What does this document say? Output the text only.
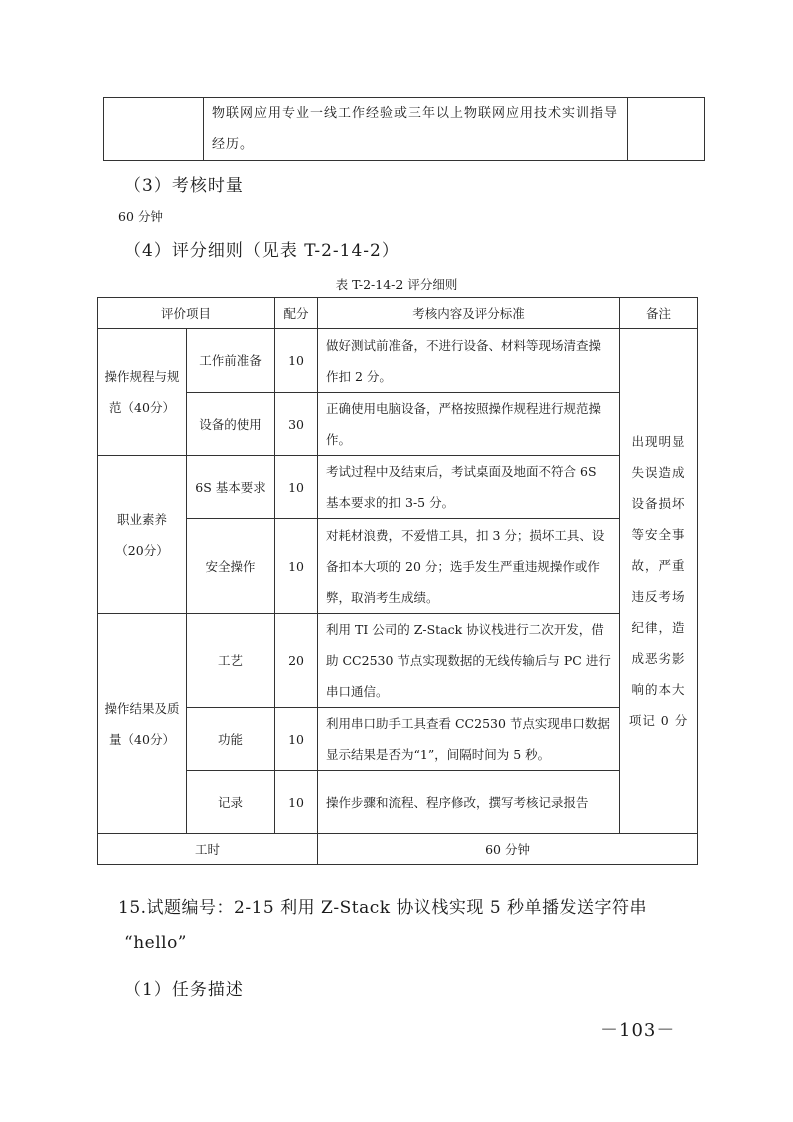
物联网应用专业一线工作经验或三年以上物联网应用技术实训指导经历。

（3）考核时量
60 分钟
（4）评分细则（见表 T-2-14-2）
表 T-2-14-2 评分细则
评价项目		配分	考核内容及评分标准	备注
操作规程与规范（40分）	工作前准备	10	做好测试前准备，不进行设备、材料等现场清查操作扣 2 分。	出现明显失误造成设备损坏等安全事故，严重违反考场纪律，造成恶劣影响的本大项记 0 分
	设备的使用	30	正确使用电脑设备，严格按照操作规程进行规范操作。	
职业素养（20分）	6S 基本要求	10	考试过程中及结束后，考试桌面及地面不符合 6S 基本要求的扣 3-5 分。	
	安全操作	10	对耗材浪费，不爱惜工具，扣 3 分；损坏工具、设备扣本大项的 20 分；选手发生严重违规操作或作弊，取消考生成绩。	
操作结果及质量（40分）	工艺	20	利用 TI 公司的 Z-Stack 协议栈进行二次开发，借助 CC2530 节点实现数据的无线传输后与 PC 进行串口通信。	
	功能	10	利用串口助手工具查看 CC2530 节点实现串口数据显示结果是否为“1”，间隔时间为 5 秒。	
	记录	10	操作步骤和流程、程序修改，撰写考核记录报告	
工时			60 分钟	
15.试题编号：2-15 利用 Z-Stack 协议栈实现 5 秒单播发送字符串
“hello”
（1）任务描述
－103－
